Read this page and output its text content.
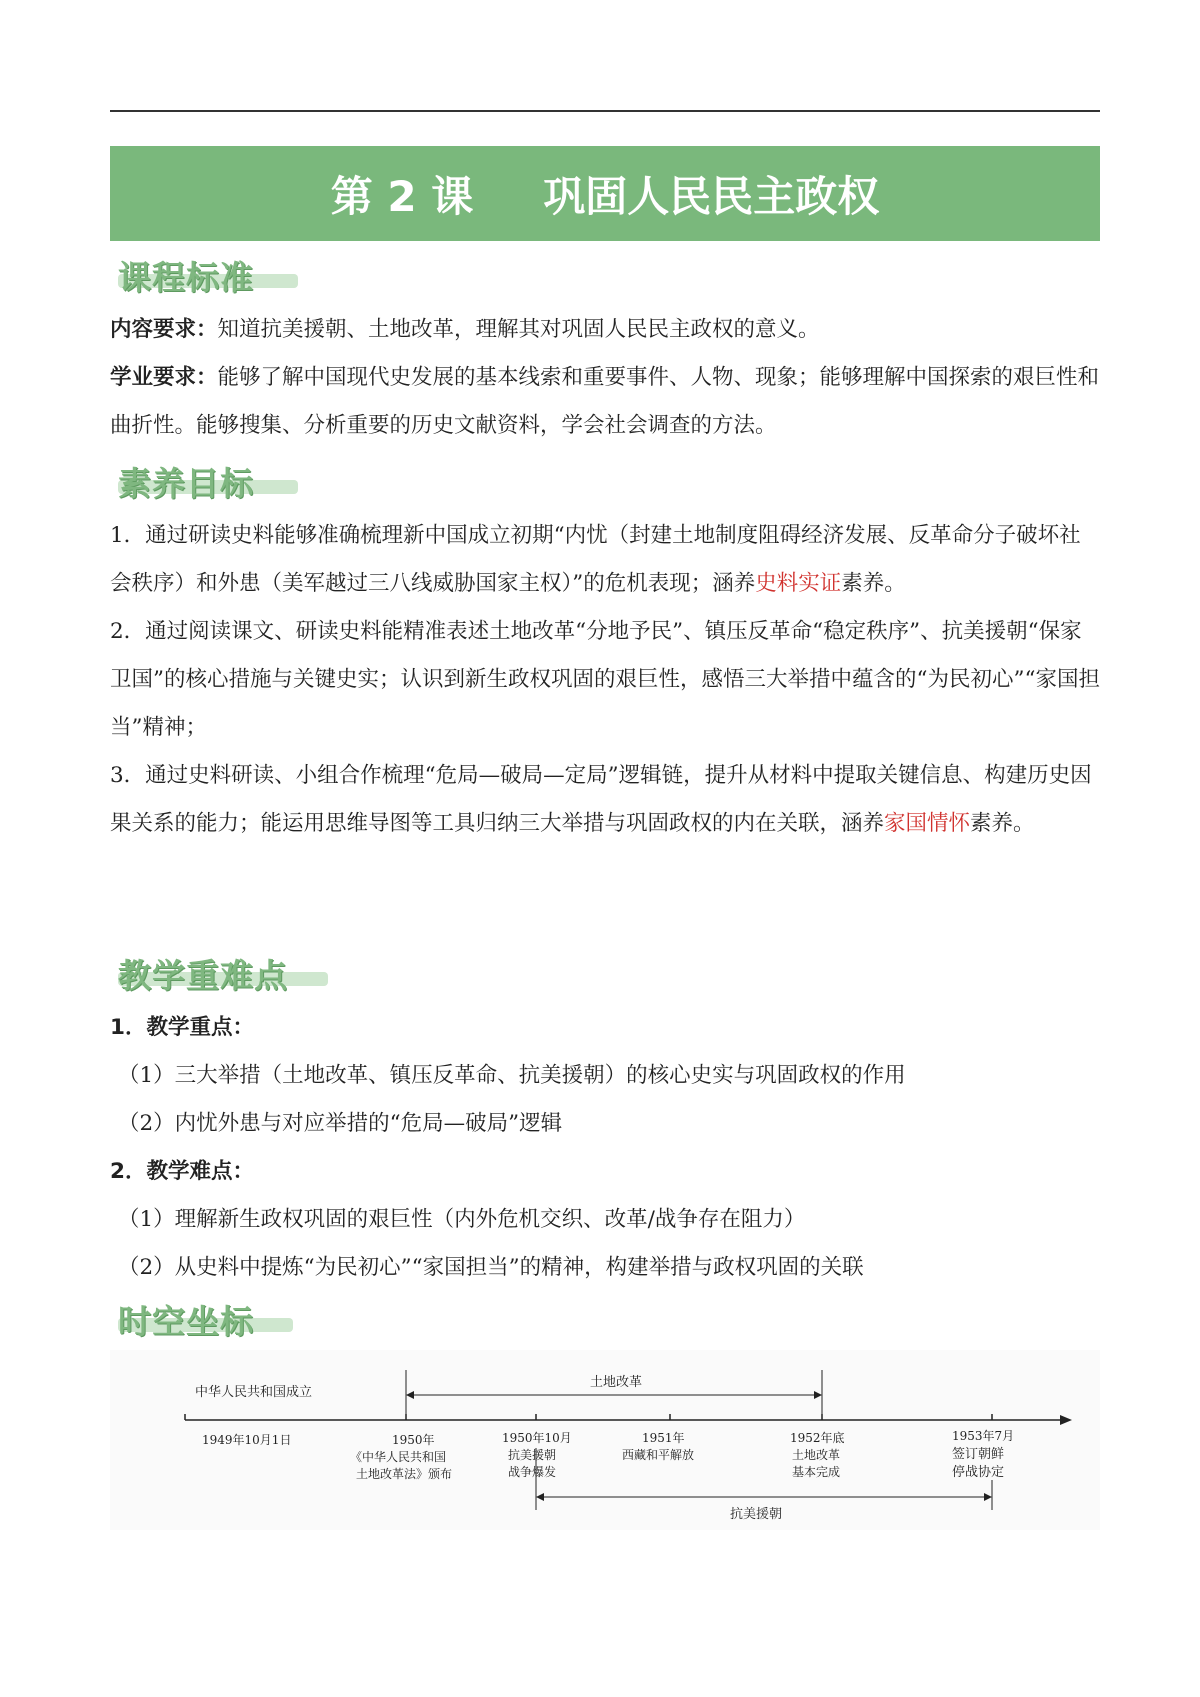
第 2 课 巩固人民民主政权
课程标准
内容要求：知道抗美援朝、土地改革，理解其对巩固人民民主政权的意义。
学业要求：能够了解中国现代史发展的基本线索和重要事件、人物、现象；能够理解中国探索的艰巨性和曲折性。能够搜集、分析重要的历史文献资料，学会社会调查的方法。
素养目标
1．通过研读史料能够准确梳理新中国成立初期“内忧（封建土地制度阻碍经济发展、反革命分子破坏社会秩序）和外患（美军越过三八线威胁国家主权）”的危机表现；涵养史料实证素养。
2．通过阅读课文、研读史料能精准表述土地改革“分地予民”、镇压反革命“稳定秩序”、抗美援朝“保家卫国”的核心措施与关键史实；认识到新生政权巩固的艰巨性，感悟三大举措中蕴含的“为民初心”“家国担当”精神；
3．通过史料研读、小组合作梳理“危局—破局—定局”逻辑链，提升从材料中提取关键信息、构建历史因果关系的能力；能运用思维导图等工具归纳三大举措与巩固政权的内在关联，涵养家国情怀素养。
教学重难点
1．教学重点：
（1）三大举措（土地改革、镇压反革命、抗美援朝）的核心史实与巩固政权的作用
（2）内忧外患与对应举措的“危局—破局”逻辑
2．教学难点：
（1）理解新生政权巩固的艰巨性（内外危机交织、改革/战争存在阻力）
（2）从史料中提炼“为民初心”“家国担当”的精神，构建举措与政权巩固的关联
时空坐标
中华人民共和国成立
土地改革
1949年10月1日	1950年
《中华人民共和国
土地改革法》颁布
1950年10月
抗美援朝
战争爆发
1951年
西藏和平解放
1952年底
土地改革
基本完成
1953年7月
签订朝鲜
停战协定
抗美援朝
